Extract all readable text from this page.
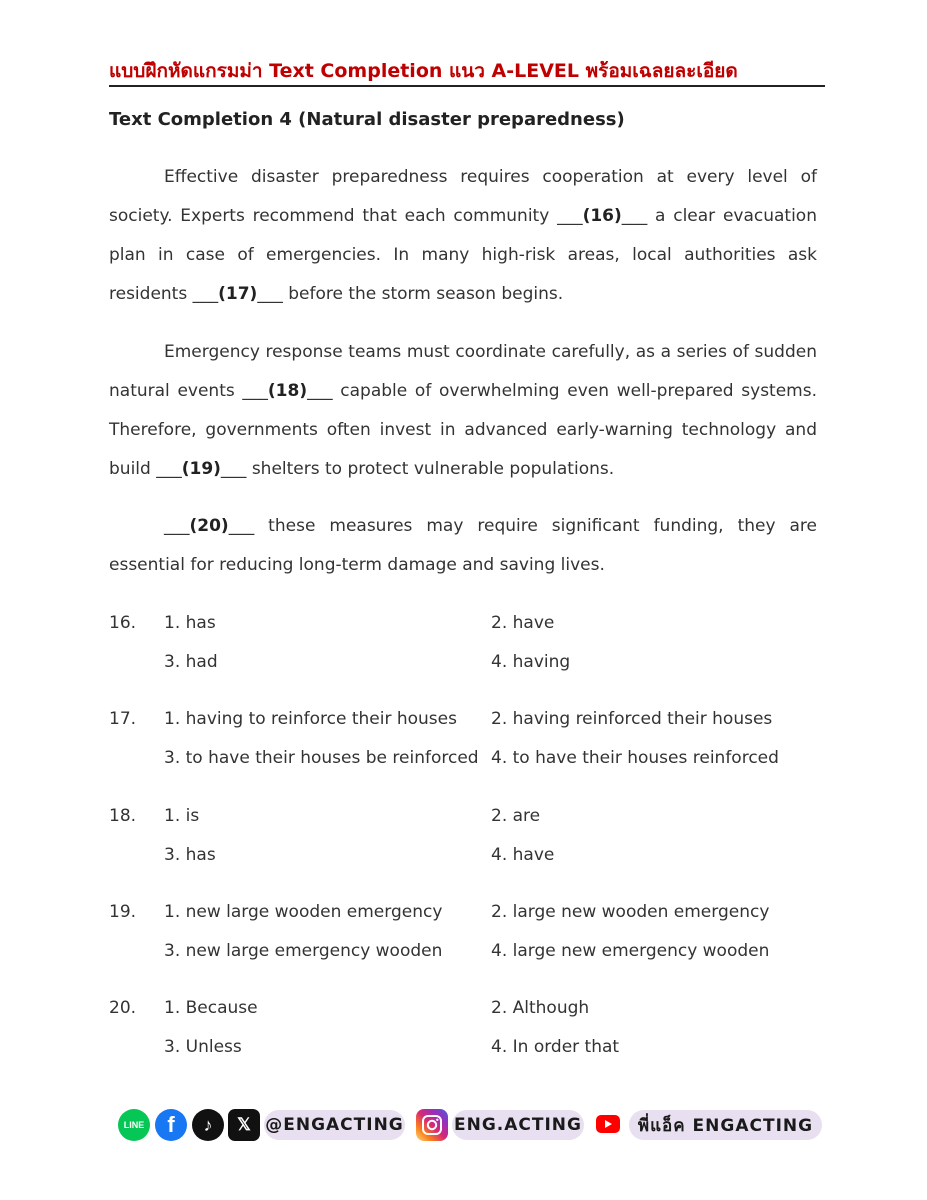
แบบฝึกหัดแกรมม่า Text Completion แนว A-LEVEL พร้อมเฉลยละเอียด
Text Completion 4 (Natural disaster preparedness)
Effective disaster preparedness requires cooperation at every level of society. Experts recommend that each community ___(16)___ a clear evacuation plan in case of emergencies. In many high-risk areas, local authorities ask residents ___(17)___ before the storm season begins.
Emergency response teams must coordinate carefully, as a series of sudden natural events ___(18)___ capable of overwhelming even well-prepared systems. Therefore, governments often invest in advanced early-warning technology and build ___(19)___ shelters to protect vulnerable populations.
___(20)___ these measures may require significant funding, they are essential for reducing long-term damage and saving lives.
16. 1. has	2. have
3. had	4. having
17. 1. having to reinforce their houses 2. having reinforced their houses
3. to have their houses be reinforced 4. to have their houses reinforced
18. 1. is	2. are
3. has	4. have
19. 1. new large wooden emergency	2. large new wooden emergency
3. new large emergency wooden	4. large new emergency wooden
20. 1. Because	2. Although
3. Unless	4. In order that
LINE	f	♪	𝕏 @ENGACTING	ENG.ACTING	พี่แอ็ค ENGACTING
